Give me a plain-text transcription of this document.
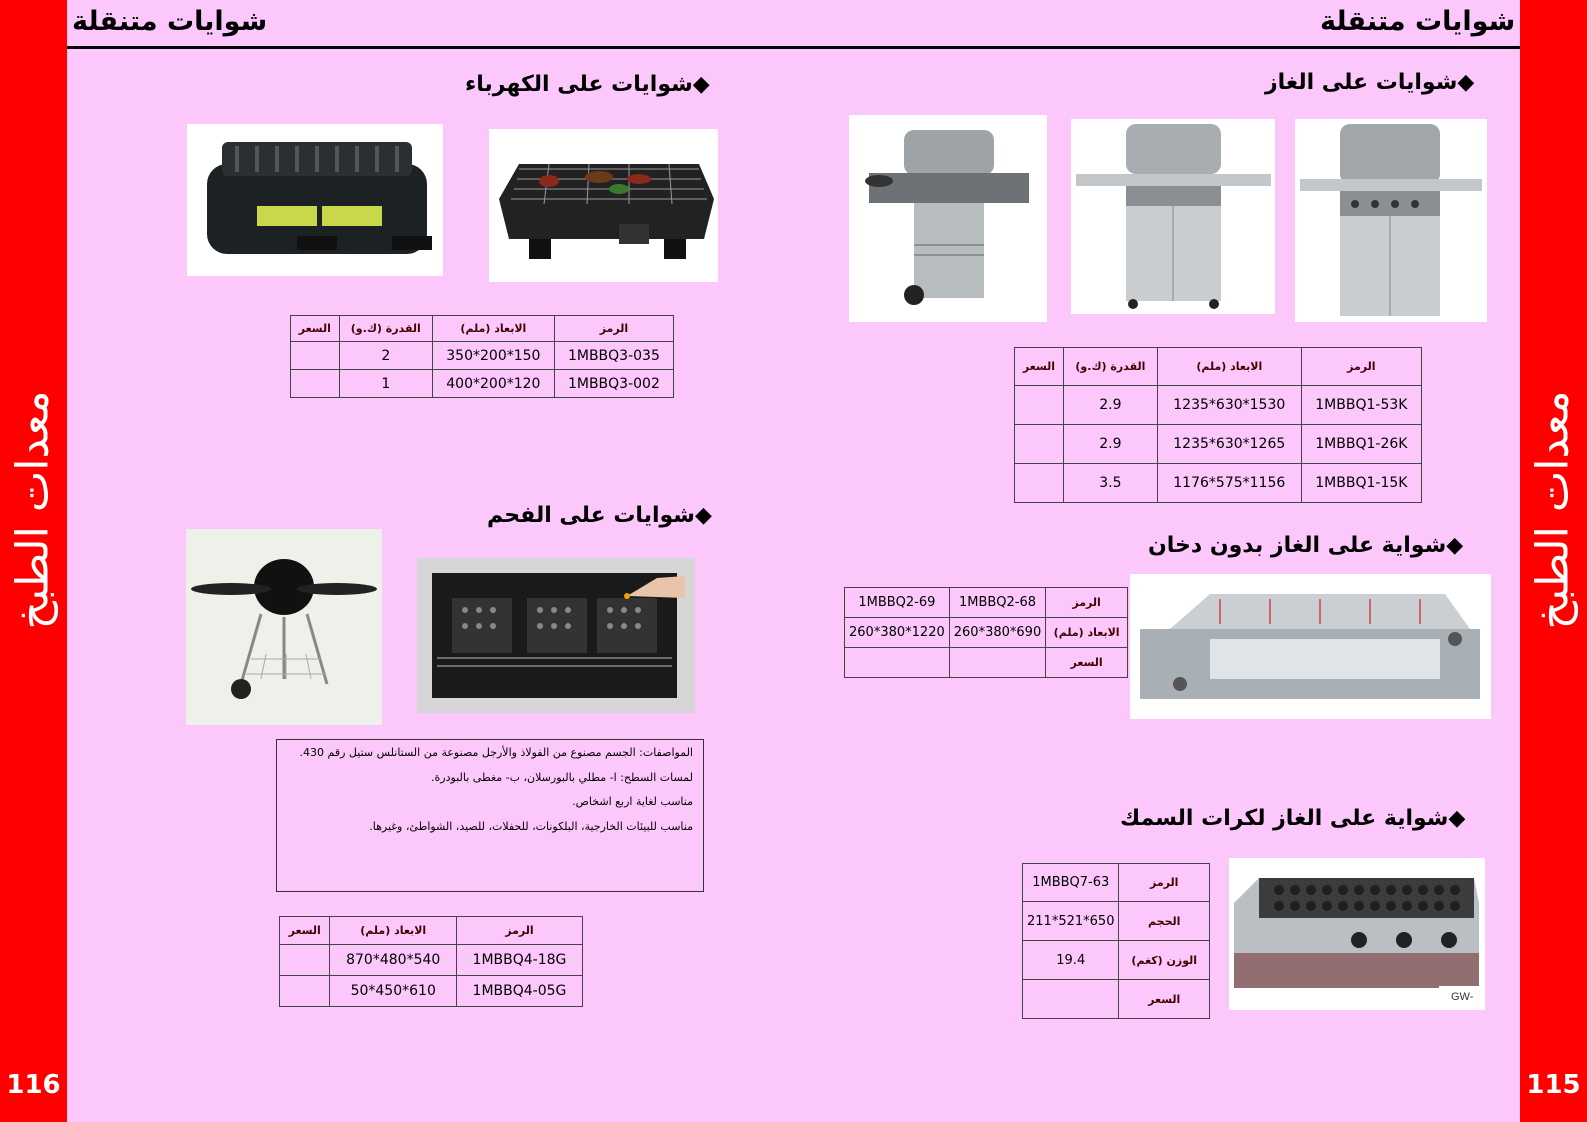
معدات الطبخ
116
معدات الطبخ
115
شوايات متنقلة	شوايات متنقلة
◆شوايات على الكهرباء
الرمز	الابعاد (ملم)	القدرة (ك.و)	السعر
1MBBQ3-035	150*200*350	2	
1MBBQ3-002	120*200*400	1	
◆شوايات على الفحم

المواصفات: الجسم مصنوع من الفولاذ والأرجل مصنوعة من الستانلس ستيل رقم 430.

لمسات السطح: ا- مطلي بالبورسلان، ب- مغطى بالبودرة.

مناسب لغاية اربع اشخاص.

مناسب للبيئات الخارجية، البلكونات، للحفلات، للصيد، الشواطئ، وغيرها.

الرمز	الابعاد (ملم)	السعر
1MBBQ4-18G	540*480*870	
1MBBQ4-05G	610*450*50	
◆شوايات على الغاز
الرمز	الابعاد (ملم)	القدرة (ك.و)	السعر
1MBBQ1-53K	1530*630*1235	2.9	
1MBBQ1-26K	1265*630*1235	2.9	
1MBBQ1-15K	1156*575*1176	3.5	
◆شواية على الغاز بدون دخان
الرمز	1MBBQ2-68	1MBBQ2-69
الابعاد (ملم)	690*380*260	1220*380*260
السعر		
◆شواية على الغاز لكرات السمك
الرمز	1MBBQ7-63
الحجم	650*521*211
الوزن (كغم)	19.4
السعر		GW-
